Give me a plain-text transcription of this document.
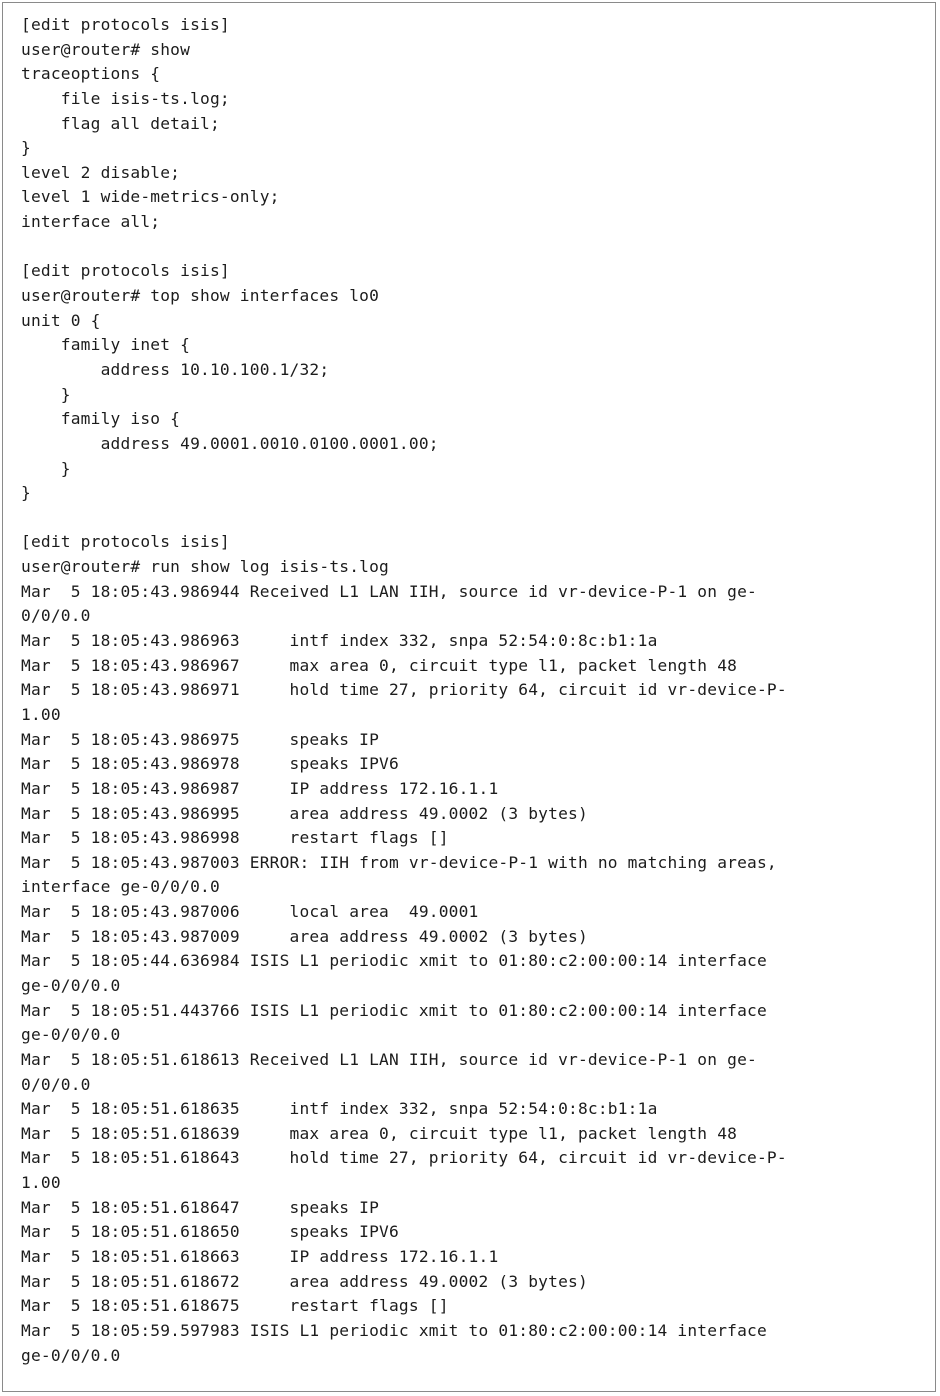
[edit protocols isis]
user@router# show
traceoptions {
file isis-ts.log;
flag all detail;
}
level 2 disable;
level 1 wide-metrics-only;
interface all;
[edit protocols isis]
user@router# top show interfaces lo0
unit 0 {
family inet {
address 10.10.100.1/32;
}
family iso {
address 49.0001.0010.0100.0001.00;
}
}
[edit protocols isis]
user@router# run show log isis-ts.log
Mar  5 18:05:43.986944 Received L1 LAN IIH, source id vr-device-P-1 on ge-
0/0/0.0
Mar  5 18:05:43.986963     intf index 332, snpa 52:54:0:8c:b1:1a
Mar  5 18:05:43.986967     max area 0, circuit type l1, packet length 48
Mar  5 18:05:43.986971     hold time 27, priority 64, circuit id vr-device-P-
1.00
Mar  5 18:05:43.986975     speaks IP
Mar  5 18:05:43.986978     speaks IPV6
Mar  5 18:05:43.986987     IP address 172.16.1.1
Mar  5 18:05:43.986995     area address 49.0002 (3 bytes)
Mar  5 18:05:43.986998     restart flags []
Mar  5 18:05:43.987003 ERROR: IIH from vr-device-P-1 with no matching areas,
interface ge-0/0/0.0
Mar  5 18:05:43.987006     local area  49.0001
Mar  5 18:05:43.987009     area address 49.0002 (3 bytes)
Mar  5 18:05:44.636984 ISIS L1 periodic xmit to 01:80:c2:00:00:14 interface
ge-0/0/0.0
Mar  5 18:05:51.443766 ISIS L1 periodic xmit to 01:80:c2:00:00:14 interface
ge-0/0/0.0
Mar  5 18:05:51.618613 Received L1 LAN IIH, source id vr-device-P-1 on ge-
0/0/0.0
Mar  5 18:05:51.618635     intf index 332, snpa 52:54:0:8c:b1:1a
Mar  5 18:05:51.618639     max area 0, circuit type l1, packet length 48
Mar  5 18:05:51.618643     hold time 27, priority 64, circuit id vr-device-P-
1.00
Mar  5 18:05:51.618647     speaks IP
Mar  5 18:05:51.618650     speaks IPV6
Mar  5 18:05:51.618663     IP address 172.16.1.1
Mar  5 18:05:51.618672     area address 49.0002 (3 bytes)
Mar  5 18:05:51.618675     restart flags []
Mar  5 18:05:59.597983 ISIS L1 periodic xmit to 01:80:c2:00:00:14 interface
ge-0/0/0.0
